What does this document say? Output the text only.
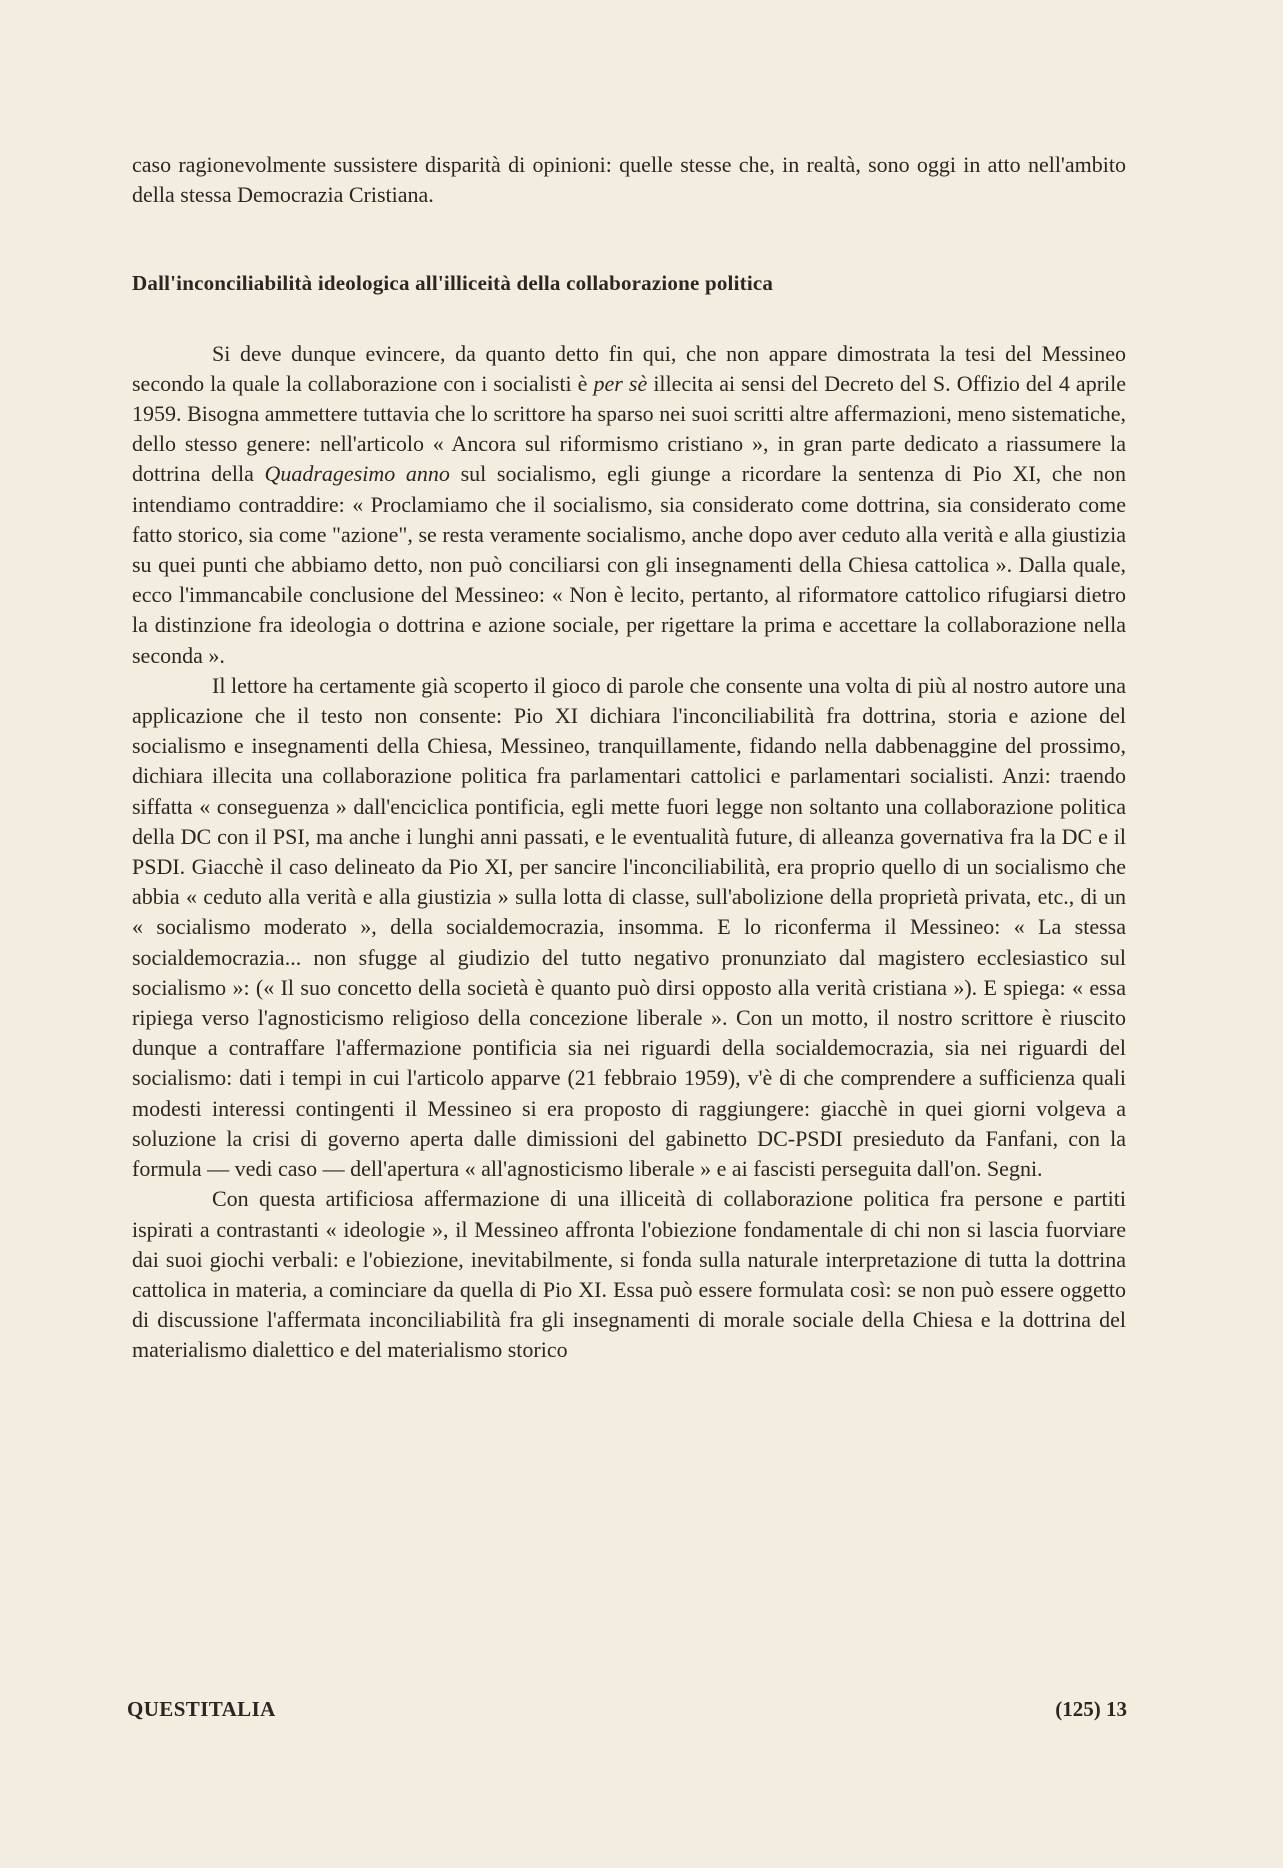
caso ragionevolmente sussistere disparità di opinioni: quelle stesse che, in realtà, sono oggi in atto nell'ambito della stessa Democrazia Cristiana.

Dall'inconciliabilità ideologica all'illiceità della collaborazione politica

Si deve dunque evincere, da quanto detto fin qui, che non appare dimostrata la tesi del Messineo secondo la quale la collaborazione con i socialisti è per sè illecita ai sensi del Decreto del S. Offizio del 4 aprile 1959. Bisogna ammettere tuttavia che lo scrittore ha sparso nei suoi scritti altre affermazioni, meno sistematiche, dello stesso genere: nell'articolo « Ancora sul riformismo cristiano », in gran parte dedicato a riassumere la dottrina della Quadragesimo anno sul socialismo, egli giunge a ricordare la sentenza di Pio XI, che non intendiamo contraddire: « Proclamiamo che il socialismo, sia considerato come dottrina, sia considerato come fatto storico, sia come "azione", se resta veramente socialismo, anche dopo aver ceduto alla verità e alla giustizia su quei punti che abbiamo detto, non può conciliarsi con gli insegnamenti della Chiesa cattolica ». Dalla quale, ecco l'immancabile conclusione del Messineo: « Non è lecito, pertanto, al riformatore cattolico rifugiarsi dietro la distinzione fra ideologia o dottrina e azione sociale, per rigettare la prima e accettare la collaborazione nella seconda ».

Il lettore ha certamente già scoperto il gioco di parole che consente una volta di più al nostro autore una applicazione che il testo non consente: Pio XI dichiara l'inconciliabilità fra dottrina, storia e azione del socialismo e insegnamenti della Chiesa, Messineo, tranquillamente, fidando nella dabbenaggine del prossimo, dichiara illecita una collaborazione politica fra parlamentari cattolici e parlamentari socialisti. Anzi: traendo siffatta « conseguenza » dall'enciclica pontificia, egli mette fuori legge non soltanto una collaborazione politica della DC con il PSI, ma anche i lunghi anni passati, e le eventualità future, di alleanza governativa fra la DC e il PSDI. Giacchè il caso delineato da Pio XI, per sancire l'inconciliabilità, era proprio quello di un socialismo che abbia « ceduto alla verità e alla giustizia » sulla lotta di classe, sull'abolizione della proprietà privata, etc., di un « socialismo moderato », della socialdemocrazia, insomma. E lo riconferma il Messineo: « La stessa socialdemocrazia... non sfugge al giudizio del tutto negativo pronunziato dal magistero ecclesiastico sul socialismo »: (« Il suo concetto della società è quanto può dirsi opposto alla verità cristiana »). E spiega: « essa ripiega verso l'agnosticismo religioso della concezione liberale ». Con un motto, il nostro scrittore è riuscito dunque a contraffare l'affermazione pontificia sia nei riguardi della socialdemocrazia, sia nei riguardi del socialismo: dati i tempi in cui l'articolo apparve (21 febbraio 1959), v'è di che comprendere a sufficienza quali modesti interessi contingenti il Messineo si era proposto di raggiungere: giacchè in quei giorni volgeva a soluzione la crisi di governo aperta dalle dimissioni del gabinetto DC-PSDI presieduto da Fanfani, con la formula — vedi caso — dell'apertura « all'agnosticismo liberale » e ai fascisti perseguita dall'on. Segni.

Con questa artificiosa affermazione di una illiceità di collaborazione politica fra persone e partiti ispirati a contrastanti « ideologie », il Messineo affronta l'obiezione fondamentale di chi non si lascia fuorviare dai suoi giochi verbali: e l'obiezione, inevitabilmente, si fonda sulla naturale interpretazione di tutta la dottrina cattolica in materia, a cominciare da quella di Pio XI. Essa può essere formulata così: se non può essere oggetto di discussione l'affermata inconciliabilità fra gli insegnamenti di morale sociale della Chiesa e la dottrina del materialismo dialettico e del materialismo storico

QUESTITALIA	(125) 13
